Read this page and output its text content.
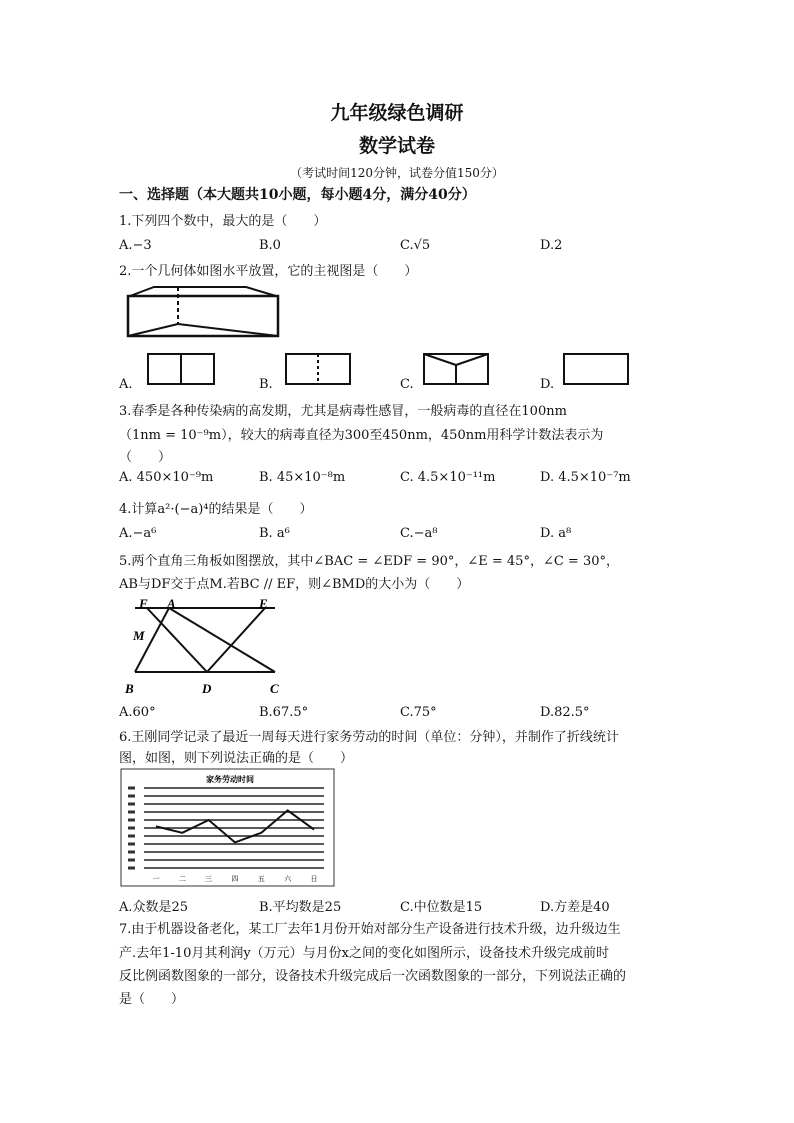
九年级绿色调研
数学试卷
（考试时间120分钟，试卷分值150分）
一、选择题（本大题共10小题，每小题4分，满分40分）
1.下列四个数中，最大的是（　　）
A.−3	B.0	C.√5	D.2
2.一个几何体如图水平放置，它的主视图是（　　）
A.	B.	C.	D.
3.春季是各种传染病的高发期，尤其是病毒性感冒，一般病毒的直径在100nm
（1nm = 10⁻⁹m），较大的病毒直径为300至450nm，450nm用科学计数法表示为
（　　）
A. 450×10⁻⁹m	B. 45×10⁻⁸m	C. 4.5×10⁻¹¹m	D. 4.5×10⁻⁷m
4.计算a²·(−a)⁴的结果是（　　）
A.−a⁶	B. a⁶	C.−a⁸	D. a⁸
5.两个直角三角板如图摆放，其中∠BAC = ∠EDF = 90°，∠E = 45°，∠C = 30°，
AB与DF交于点M.若BC // EF，则∠BMD的大小为（　　）
F A	E
M
B	D	C
A.60°	B.67.5°	C.75°	D.82.5°
6.王刚同学记录了最近一周每天进行家务劳动的时间（单位：分钟），并制作了折线统计
图，如图，则下列说法正确的是（　　）
家务劳动时间
一	二	三	四	五	六	日
A.众数是25	B.平均数是25	C.中位数是15	D.方差是40
7.由于机器设备老化，某工厂去年1月份开始对部分生产设备进行技术升级，边升级边生
产.去年1-10月其利润y（万元）与月份x之间的变化如图所示，设备技术升级完成前时
反比例函数图象的一部分，设备技术升级完成后一次函数图象的一部分，下列说法正确的
是（　　）
